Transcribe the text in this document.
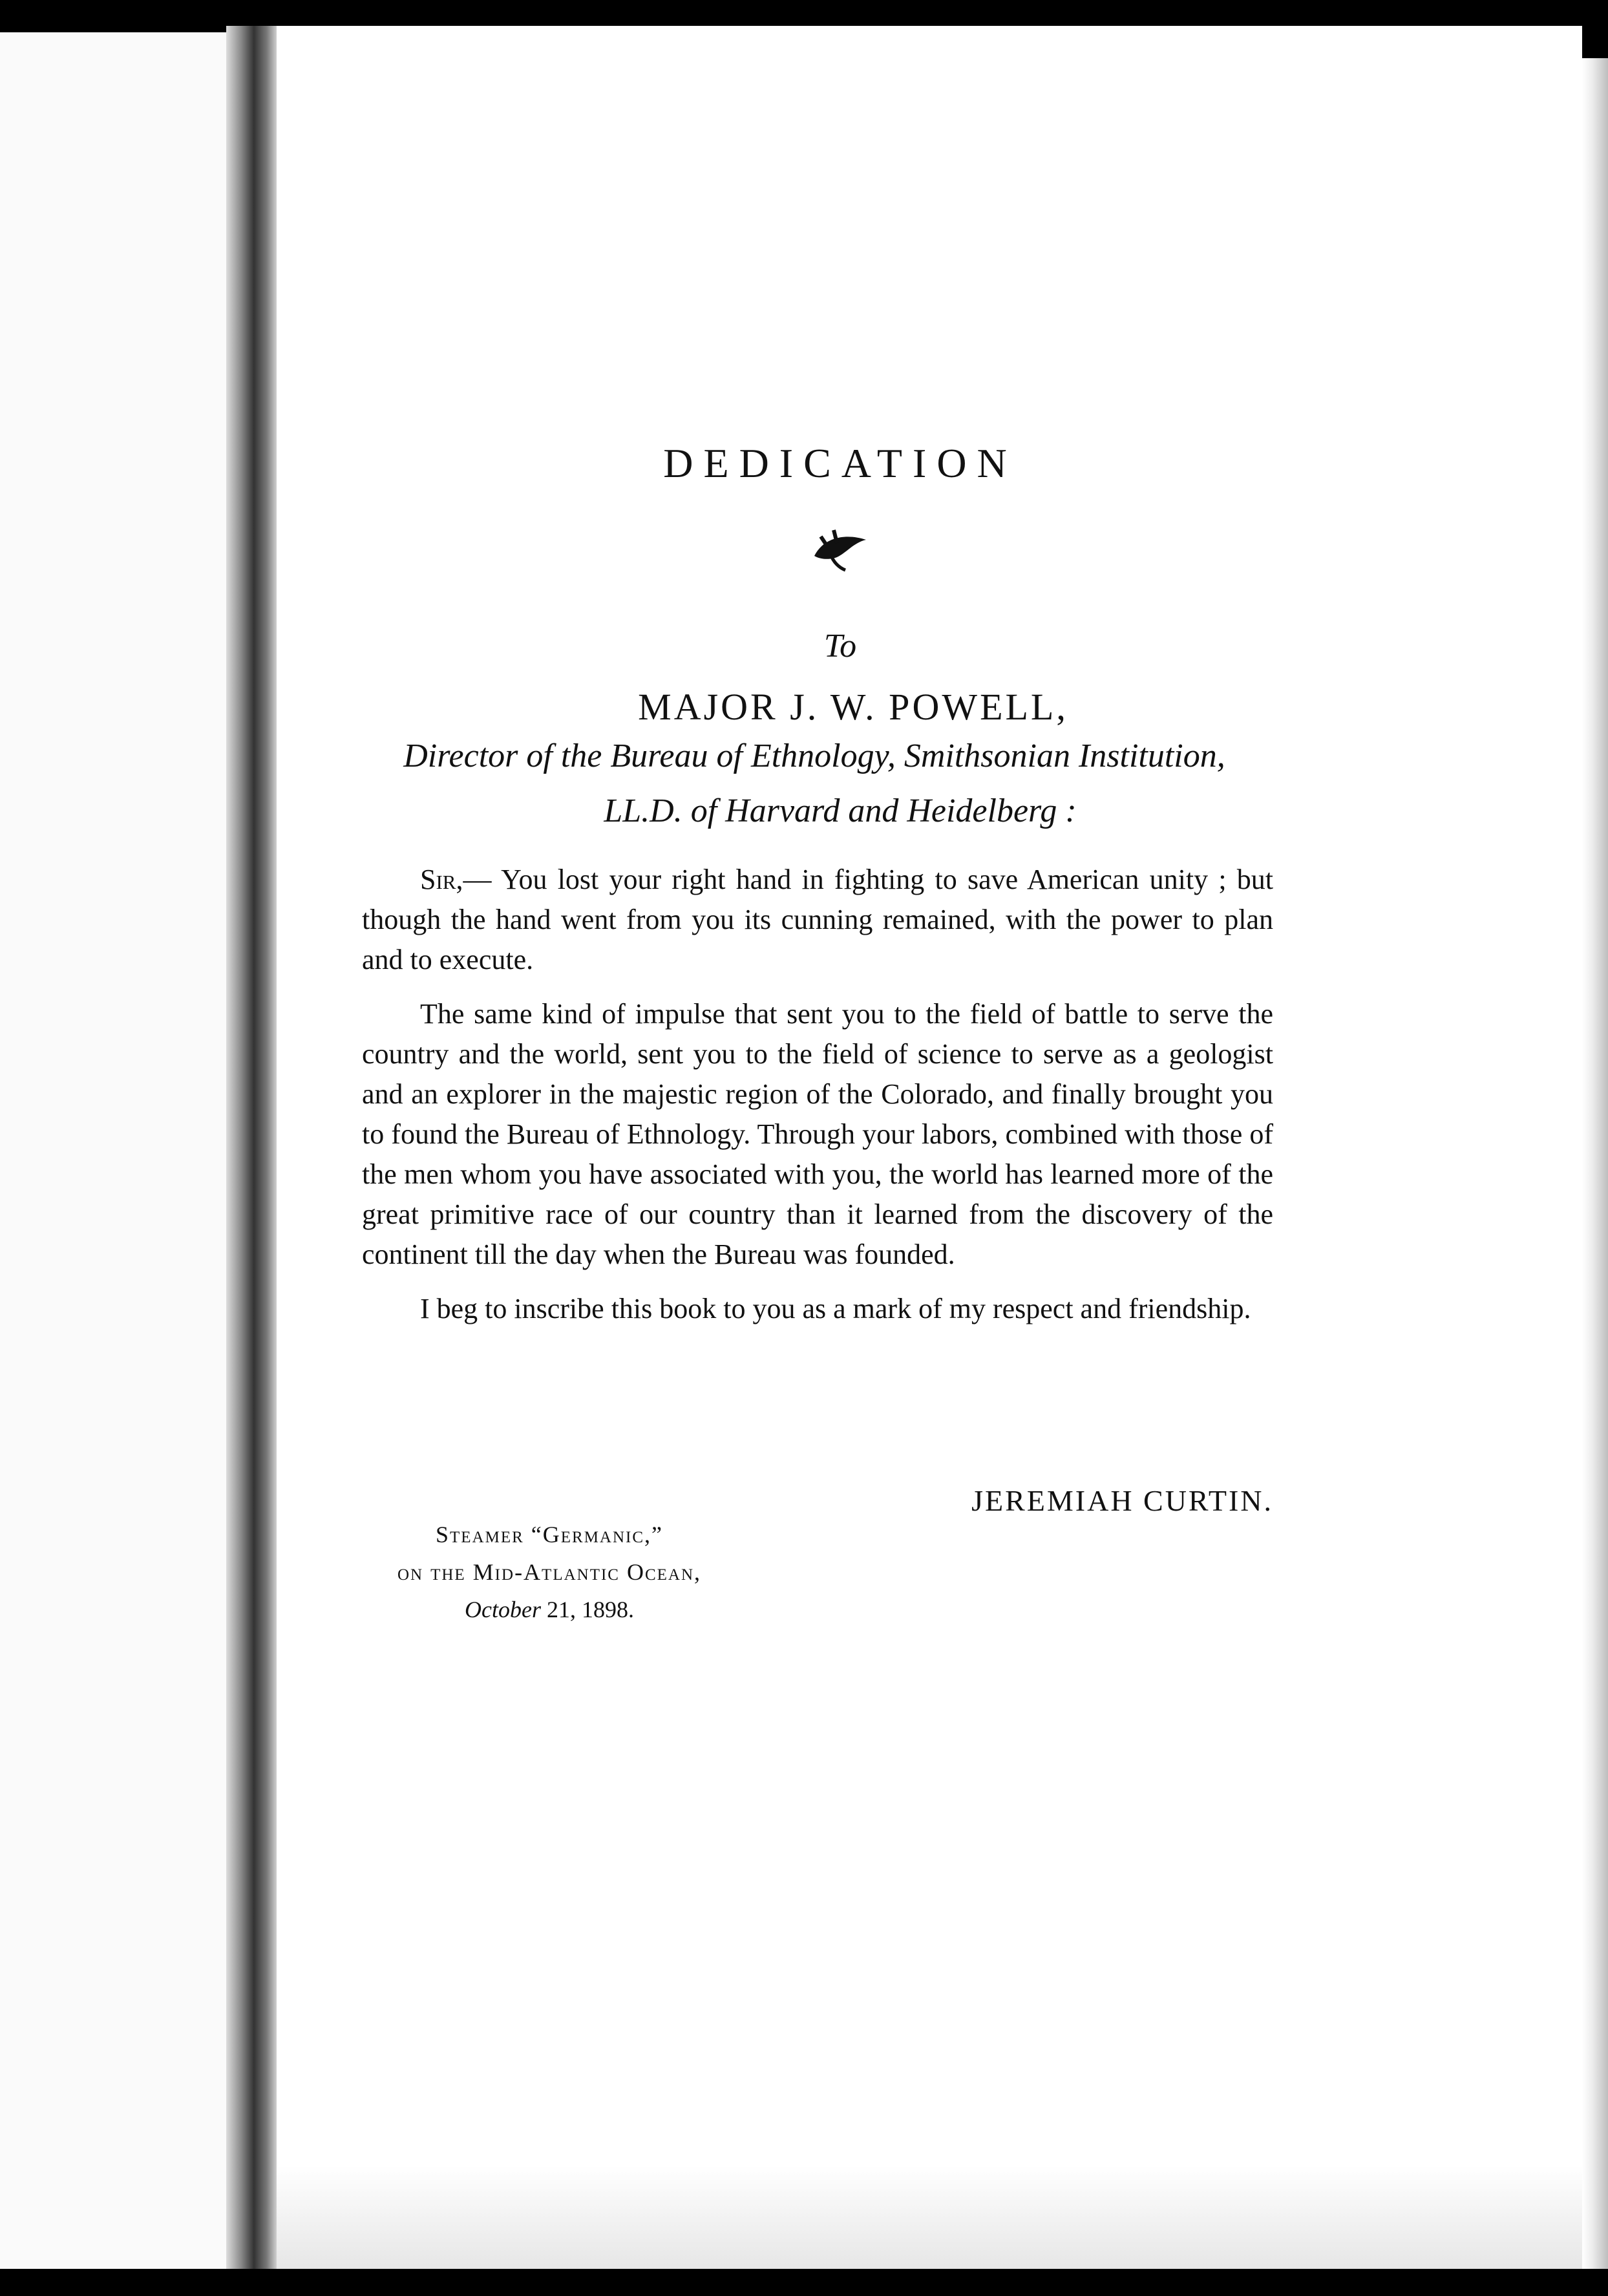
DEDICATION
To
MAJOR J. W. POWELL,
Director of the Bureau of Ethnology, Smithsonian Institution,
LL.D. of Harvard and Heidelberg :

Sir,— You lost your right hand in fighting to save American unity ; but though the hand went from you its cunning remained, with the power to plan and to execute.

The same kind of impulse that sent you to the field of battle to serve the country and the world, sent you to the field of science to serve as a geologist and an explorer in the majestic region of the Colorado, and finally brought you to found the Bureau of Ethnology. Through your labors, combined with those of the men whom you have associated with you, the world has learned more of the great primitive race of our country than it learned from the discovery of the continent till the day when the Bureau was founded.

I beg to inscribe this book to you as a mark of my respect and friendship.

JEREMIAH CURTIN.
Steamer “Germanic,”
on the Mid-Atlantic Ocean,
October 21, 1898.
